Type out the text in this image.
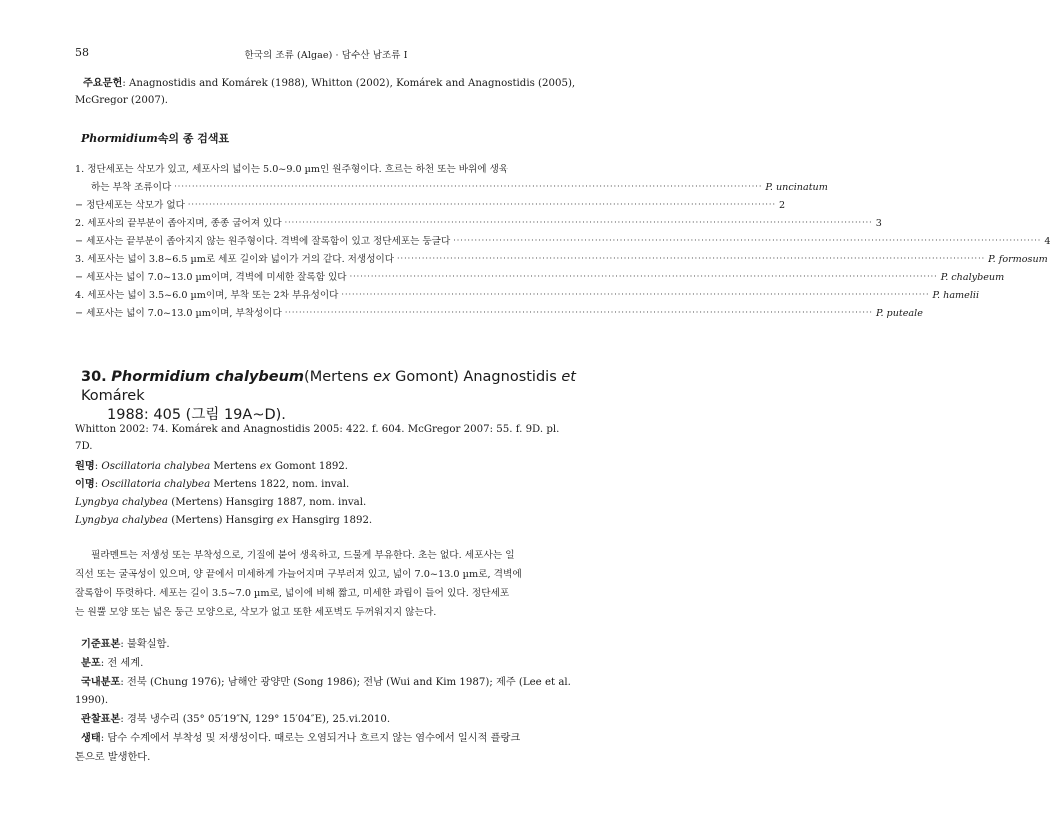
58	한국의 조류 (Algae) · 담수산 남조류 I
주요문헌: Anagnostidis and Komárek (1988), Whitton (2002), Komárek and Anagnostidis (2005), McGregor (2007).
Phormidium속의 종 검색표
1. 정단세포는 삭모가 있고, 세포사의 넓이는 5.0~9.0 µm인 원주형이다. 흐르는 하천 또는 바위에 생육
하는 부착 조류이다 ······································································································································································ P. uncinatum
− 정단세포는 삭모가 없다 ······································································································································································ 2
2. 세포사의 끝부분이 좁아지며, 종종 굽어져 있다 ······································································································································································ 3
− 세포사는 끝부분이 좁아지지 않는 원주형이다. 격벽에 잘록함이 있고 정단세포는 둥글다 ······································································································································································ 4
3. 세포사는 넓이 3.8~6.5 µm로 세포 길이와 넓이가 거의 같다. 저생성이다 ······································································································································································ P. formosum
− 세포사는 넓이 7.0~13.0 µm이며, 격벽에 미세한 잘록함 있다 ······································································································································································ P. chalybeum
4. 세포사는 넓이 3.5~6.0 µm이며, 부착 또는 2차 부유성이다 ······································································································································································ P. hamelii
− 세포사는 넓이 7.0~13.0 µm이며, 부착성이다 ······································································································································································ P. puteale
30. Phormidium chalybeum(Mertens ex Gomont) Anagnostidis et Komárek
1988: 405 (그림 19A~D).
Whitton 2002: 74. Komárek and Anagnostidis 2005: 422. f. 604. McGregor 2007: 55. f. 9D. pl. 7D.
원명: Oscillatoria chalybea Mertens ex Gomont 1892.
이명: Oscillatoria chalybea Mertens 1822, nom. inval.
Lyngbya chalybea (Mertens) Hansgirg 1887, nom. inval.
Lyngbya chalybea (Mertens) Hansgirg ex Hansgirg 1892.
필라멘트는 저생성 또는 부착성으로, 기질에 붙어 생육하고, 드물게 부유한다. 초는 없다. 세포사는 일
직선 또는 굴곡성이 있으며, 양 끝에서 미세하게 가늘어지며 구부러져 있고, 넓이 7.0~13.0 µm로, 격벽에
잘록함이 뚜렷하다. 세포는 길이 3.5~7.0 µm로, 넓이에 비해 짧고, 미세한 과립이 들어 있다. 정단세포
는 원뿔 모양 또는 넓은 둥근 모양으로, 삭모가 없고 또한 세포벽도 두꺼워지지 않는다.
기준표본: 불확실함.
분포: 전 세계.
국내분포: 전북 (Chung 1976); 남해안 광양만 (Song 1986); 전남 (Wui and Kim 1987); 제주 (Lee et al.
1990).
관찰표본: 경북 냉수리 (35° 05′19″N, 129° 15′04″E), 25.vi.2010.
생태: 담수 수계에서 부착성 및 저생성이다. 때로는 오염되거나 흐르지 않는 염수에서 일시적 플랑크
톤으로 발생한다.
